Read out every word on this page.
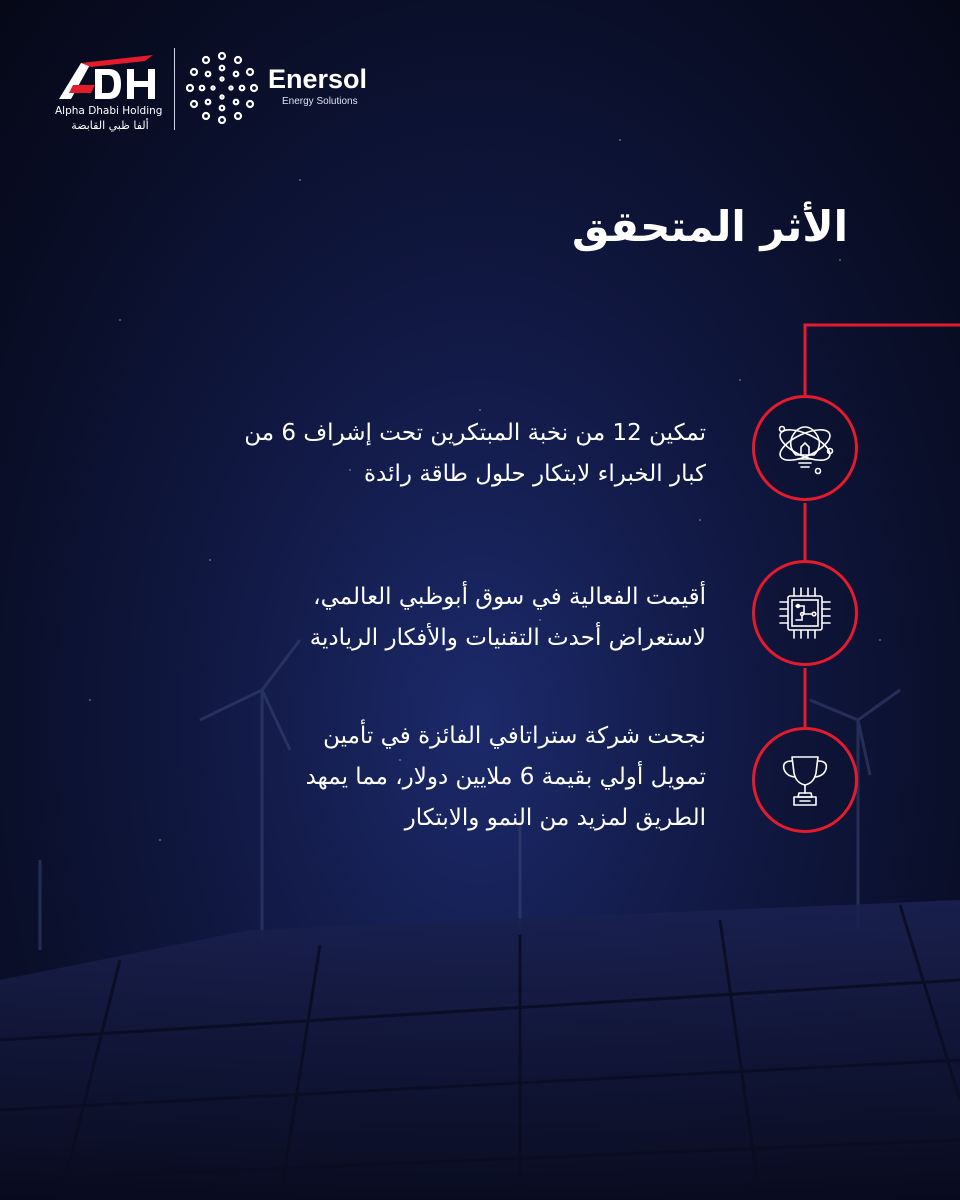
Alpha Dhabi Holding
ألفا ظبي القابضة
Enersol
Energy Solutions
الأثر المتحقق
تمكين 12 من نخبة المبتكرين تحت إشراف 6 من
كبار الخبراء لابتكار حلول طاقة رائدة
أقيمت الفعالية في سوق أبوظبي العالمي،
لاستعراض أحدث التقنيات والأفكار الريادية
نجحت شركة ستراتافي الفائزة في تأمين
تمويل أولي بقيمة 6 ملايين دولار، مما يمهد
الطريق لمزيد من النمو والابتكار
